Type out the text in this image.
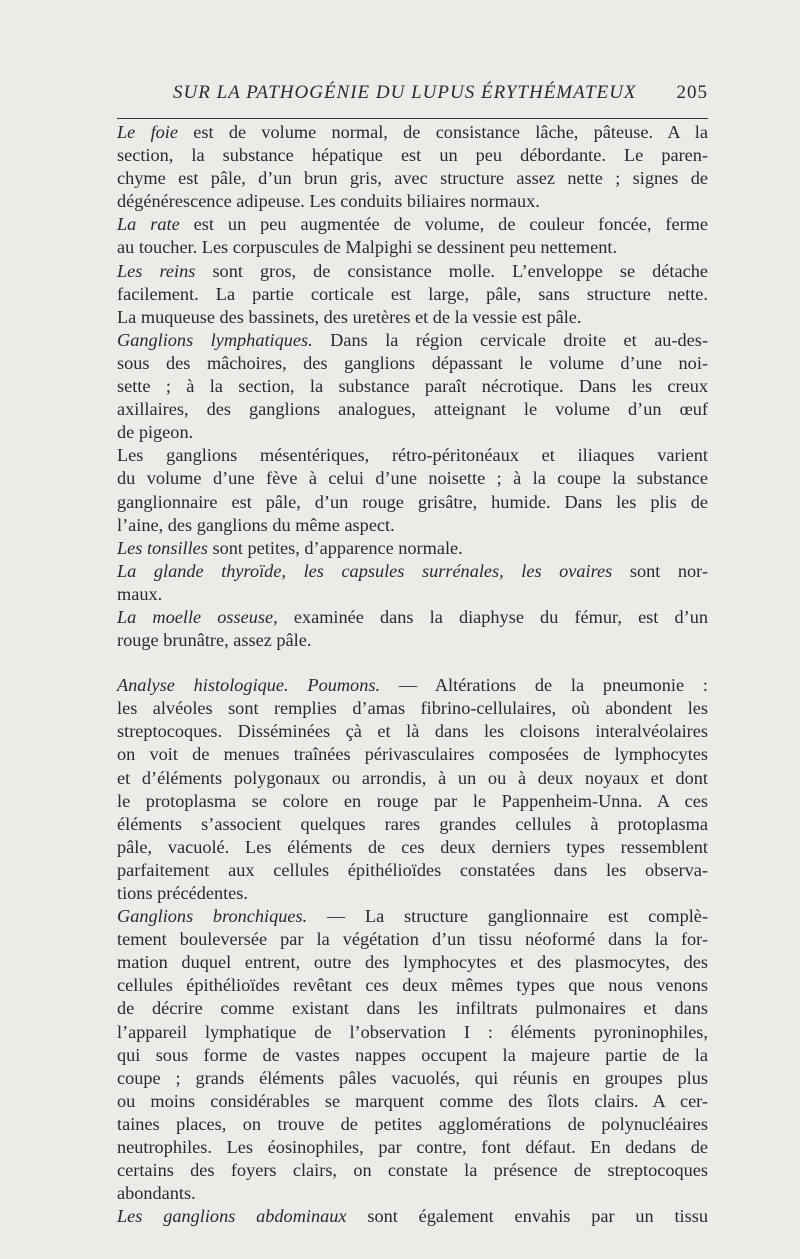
SUR LA PATHOGÉNIE DU LUPUS ÉRYTHÉMATEUX 205

Le foie est de volume normal, de consistance lâche, pâteuse. A la
section, la substance hépatique est un peu débordante. Le paren-
chyme est pâle, d’un brun gris, avec structure assez nette ; signes de
dégénérescence adipeuse. Les conduits biliaires normaux.

La rate est un peu augmentée de volume, de couleur foncée, ferme
au toucher. Les corpuscules de Malpighi se dessinent peu nettement.

Les reins sont gros, de consistance molle. L’enveloppe se détache
facilement. La partie corticale est large, pâle, sans structure nette.
La muqueuse des bassinets, des uretères et de la vessie est pâle.

Ganglions lymphatiques. Dans la région cervicale droite et au-des-
sous des mâchoires, des ganglions dépassant le volume d’une noi-
sette ; à la section, la substance paraît nécrotique. Dans les creux
axillaires, des ganglions analogues, atteignant le volume d’un œuf
de pigeon.

Les ganglions mésentériques, rétro-péritonéaux et iliaques varient
du volume d’une fève à celui d’une noisette ; à la coupe la substance
ganglionnaire est pâle, d’un rouge grisâtre, humide. Dans les plis de
l’aine, des ganglions du même aspect.

Les tonsilles sont petites, d’apparence normale.

La glande thyroïde, les capsules surrénales, les ovaires sont nor-
maux.

La moelle osseuse, examinée dans la diaphyse du fémur, est d’un
rouge brunâtre, assez pâle.

Analyse histologique. Poumons. — Altérations de la pneumonie :
les alvéoles sont remplies d’amas fibrino-cellulaires, où abondent les
streptocoques. Disséminées çà et là dans les cloisons interalvéolaires
on voit de menues traînées périvasculaires composées de lymphocytes
et d’éléments polygonaux ou arrondis, à un ou à deux noyaux et dont
le protoplasma se colore en rouge par le Pappenheim-Unna. A ces
éléments s’associent quelques rares grandes cellules à protoplasma
pâle, vacuolé. Les éléments de ces deux derniers types ressemblent
parfaitement aux cellules épithélioïdes constatées dans les observa-
tions précédentes.

Ganglions bronchiques. — La structure ganglionnaire est complè-
tement bouleversée par la végétation d’un tissu néoformé dans la for-
mation duquel entrent, outre des lymphocytes et des plasmocytes, des
cellules épithélioïdes revêtant ces deux mêmes types que nous venons
de décrire comme existant dans les infiltrats pulmonaires et dans
l’appareil lymphatique de l’observation I : éléments pyroninophiles,
qui sous forme de vastes nappes occupent la majeure partie de la
coupe ; grands éléments pâles vacuolés, qui réunis en groupes plus
ou moins considérables se marquent comme des îlots clairs. A cer-
taines places, on trouve de petites agglomérations de polynucléaires
neutrophiles. Les éosinophiles, par contre, font défaut. En dedans de
certains des foyers clairs, on constate la présence de streptocoques
abondants.

Les ganglions abdominaux sont également envahis par un tissu
